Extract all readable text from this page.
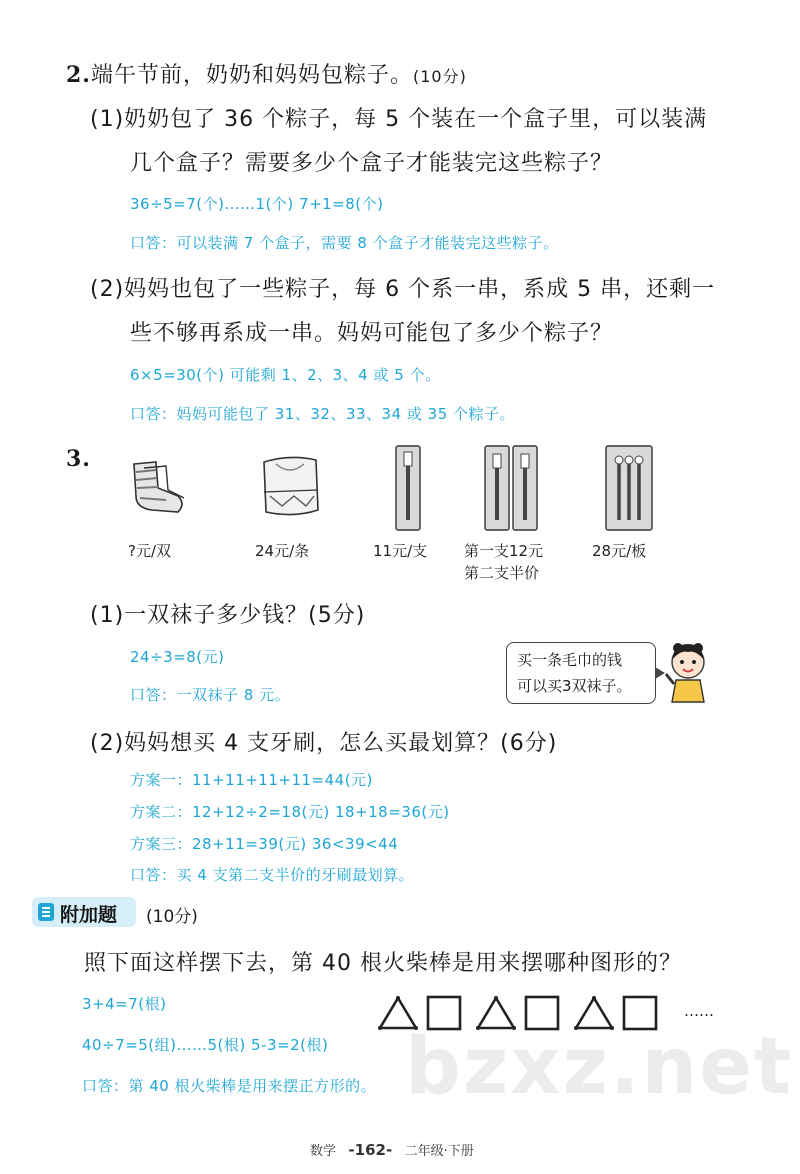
2.端午节前，奶奶和妈妈包粽子。(10分)
(1)奶奶包了 36 个粽子，每 5 个装在一个盒子里，可以装满
几个盒子？需要多少个盒子才能装完这些粽子？
36÷5=7(个)……1(个) 7+1=8(个)
口答：可以装满 7 个盒子，需要 8 个盒子才能装完这些粽子。
(2)妈妈也包了一些粽子，每 6 个系一串，系成 5 串，还剩一
些不够再系成一串。妈妈可能包了多少个粽子？
6×5=30(个) 可能剩 1、2、3、4 或 5 个。
口答：妈妈可能包了 31、32、33、34 或 35 个粽子。
3.
?元/双	24元/条	11元/支 第一支12元
第二支半价
28元/板
(1)一双袜子多少钱？(5分)
24÷3=8(元)
口答：一双袜子 8 元。
买一条毛巾的钱
可以买3双袜子。
(2)妈妈想买 4 支牙刷，怎么买最划算？(6分)
方案一：11+11+11+11=44(元)
方案二：12+12÷2=18(元) 18+18=36(元)
方案三：28+11=39(元) 36<39<44
口答：买 4 支第二支半价的牙刷最划算。
附加题 (10分)
照下面这样摆下去，第 40 根火柴棒是用来摆哪种图形的？
3+4=7(根)
40÷7=5(组)……5(根) 5-3=2(根)
口答：第 40 根火柴棒是用来摆正方形的。
……
bzxz.net
数学 -162- 二年级·下册
